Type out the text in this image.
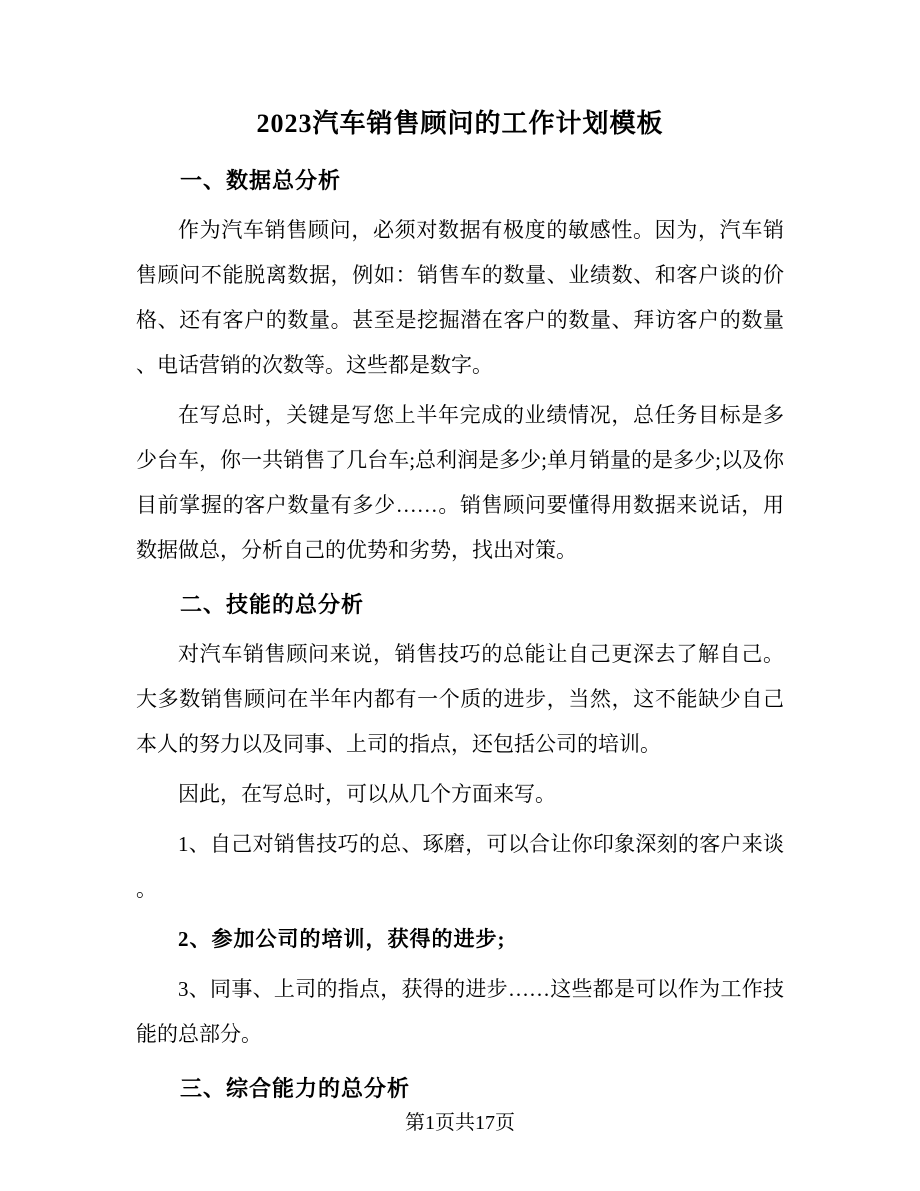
2023汽车销售顾问的工作计划模板
一、数据总分析
作为汽车销售顾问，必须对数据有极度的敏感性。因为，汽车销售顾问不能脱离数据，例如：销售车的数量、业绩数、和客户谈的价格、还有客户的数量。甚至是挖掘潜在客户的数量、拜访客户的数量、电话营销的次数等。这些都是数字。
在写总时，关键是写您上半年完成的业绩情况，总任务目标是多少台车，你一共销售了几台车;总利润是多少;单月销量的是多少;以及你目前掌握的客户数量有多少……。销售顾问要懂得用数据来说话，用数据做总，分析自己的优势和劣势，找出对策。
二、技能的总分析
对汽车销售顾问来说，销售技巧的总能让自己更深去了解自己。大多数销售顾问在半年内都有一个质的进步，当然，这不能缺少自己本人的努力以及同事、上司的指点，还包括公司的培训。
因此，在写总时，可以从几个方面来写。
1、自己对销售技巧的总、琢磨，可以合让你印象深刻的客户来谈。
2、参加公司的培训，获得的进步;
3、同事、上司的指点，获得的进步……这些都是可以作为工作技能的总部分。
三、综合能力的总分析
第1页共17页
